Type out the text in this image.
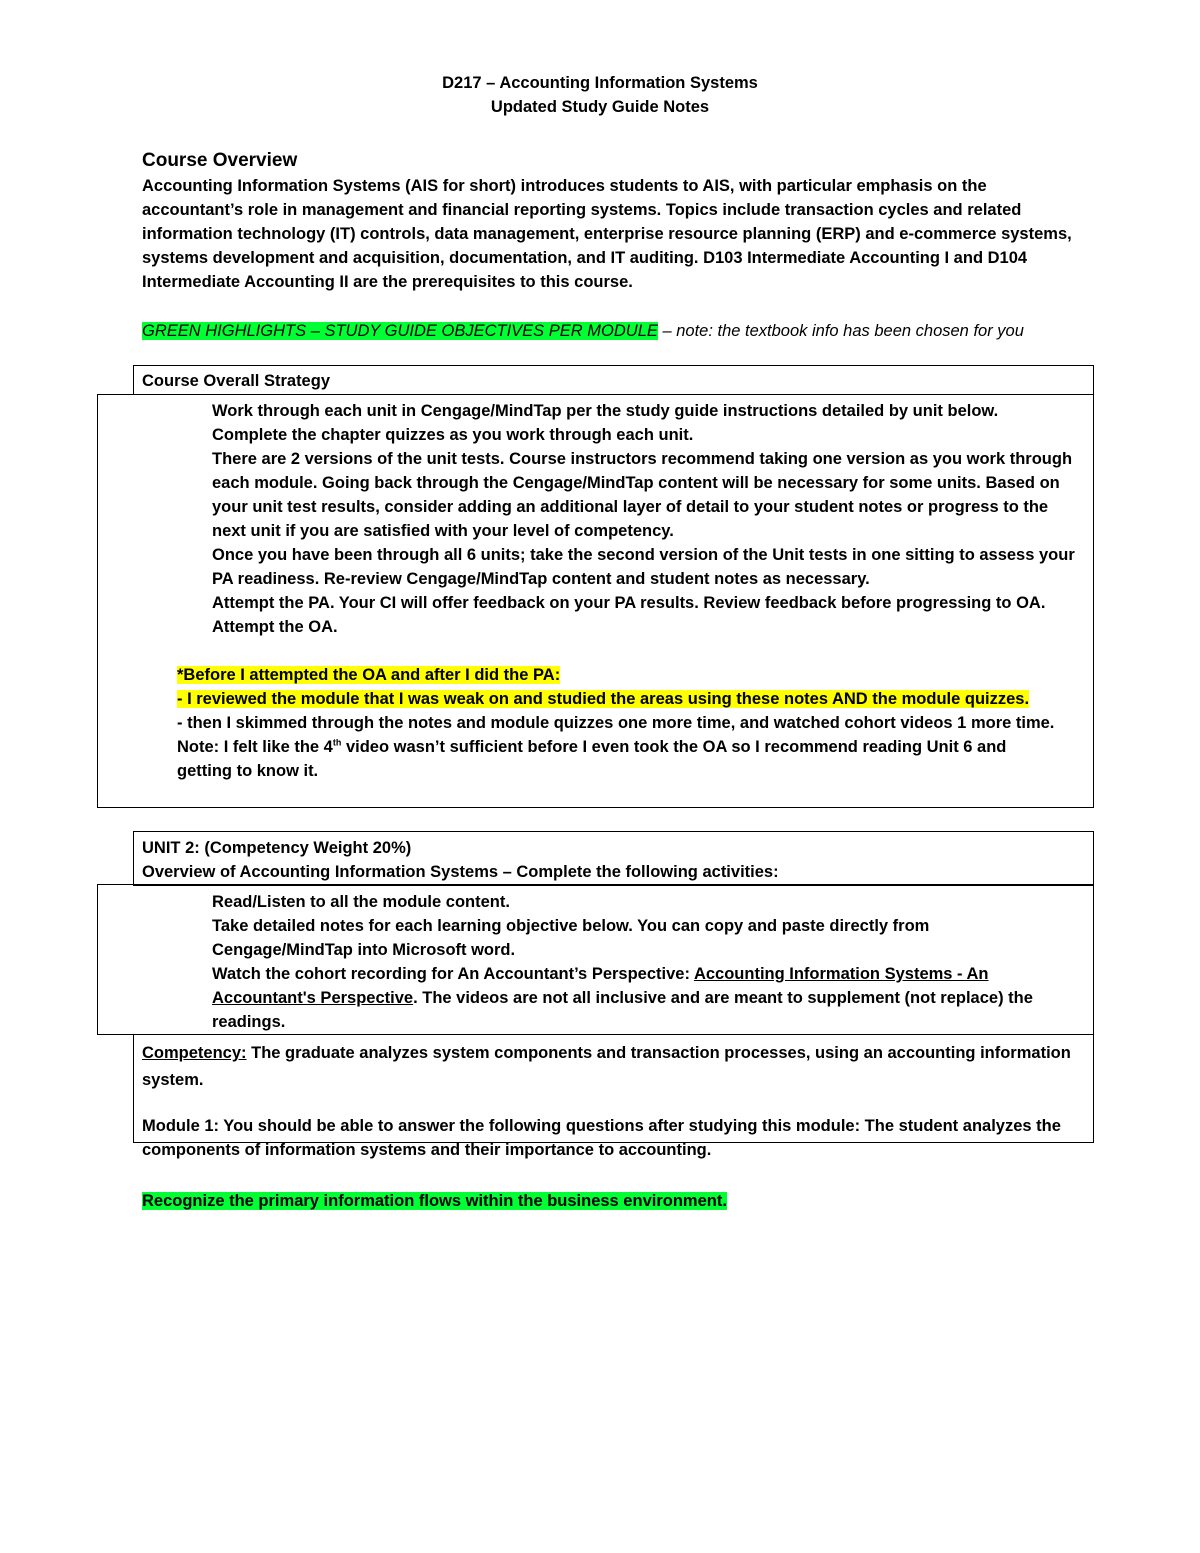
D217 – Accounting Information Systems
Updated Study Guide Notes
Course Overview
Accounting Information Systems (AIS for short) introduces students to AIS, with particular emphasis on the
accountant’s role in management and financial reporting systems. Topics include transaction cycles and related
information technology (IT) controls, data management, enterprise resource planning (ERP) and e-commerce systems,
systems development and acquisition, documentation, and IT auditing. D103 Intermediate Accounting I and D104
Intermediate Accounting II are the prerequisites to this course.
GREEN HIGHLIGHTS – STUDY GUIDE OBJECTIVES PER MODULE – note: the textbook info has been chosen for you
Course Overall Strategy
Work through each unit in Cengage/MindTap per the study guide instructions detailed by unit below.
Complete the chapter quizzes as you work through each unit.
There are 2 versions of the unit tests. Course instructors recommend taking one version as you work through
each module. Going back through the Cengage/MindTap content will be necessary for some units. Based on
your unit test results, consider adding an additional layer of detail to your student notes or progress to the
next unit if you are satisfied with your level of competency.
Once you have been through all 6 units; take the second version of the Unit tests in one sitting to assess your
PA readiness. Re-review Cengage/MindTap content and student notes as necessary.
Attempt the PA. Your CI will offer feedback on your PA results. Review feedback before progressing to OA.
Attempt the OA.
*Before I attempted the OA and after I did the PA:
- I reviewed the module that I was weak on and studied the areas using these notes AND the module quizzes.
- then I skimmed through the notes and module quizzes one more time, and watched cohort videos 1 more time.
Note: I felt like the 4th video wasn’t sufficient before I even took the OA so I recommend reading Unit 6 and
getting to know it.
UNIT 2: (Competency Weight 20%)
Overview of Accounting Information Systems – Complete the following activities:
Read/Listen to all the module content.
Take detailed notes for each learning objective below. You can copy and paste directly from
Cengage/MindTap into Microsoft word.
Watch the cohort recording for An Accountant’s Perspective: Accounting Information Systems - An
Accountant's Perspective. The videos are not all inclusive and are meant to supplement (not replace) the
readings.
Competency: The graduate analyzes system components and transaction processes, using an accounting information
system.
Module 1: You should be able to answer the following questions after studying this module: The student analyzes the
components of information systems and their importance to accounting.
Recognize the primary information flows within the business environment.
